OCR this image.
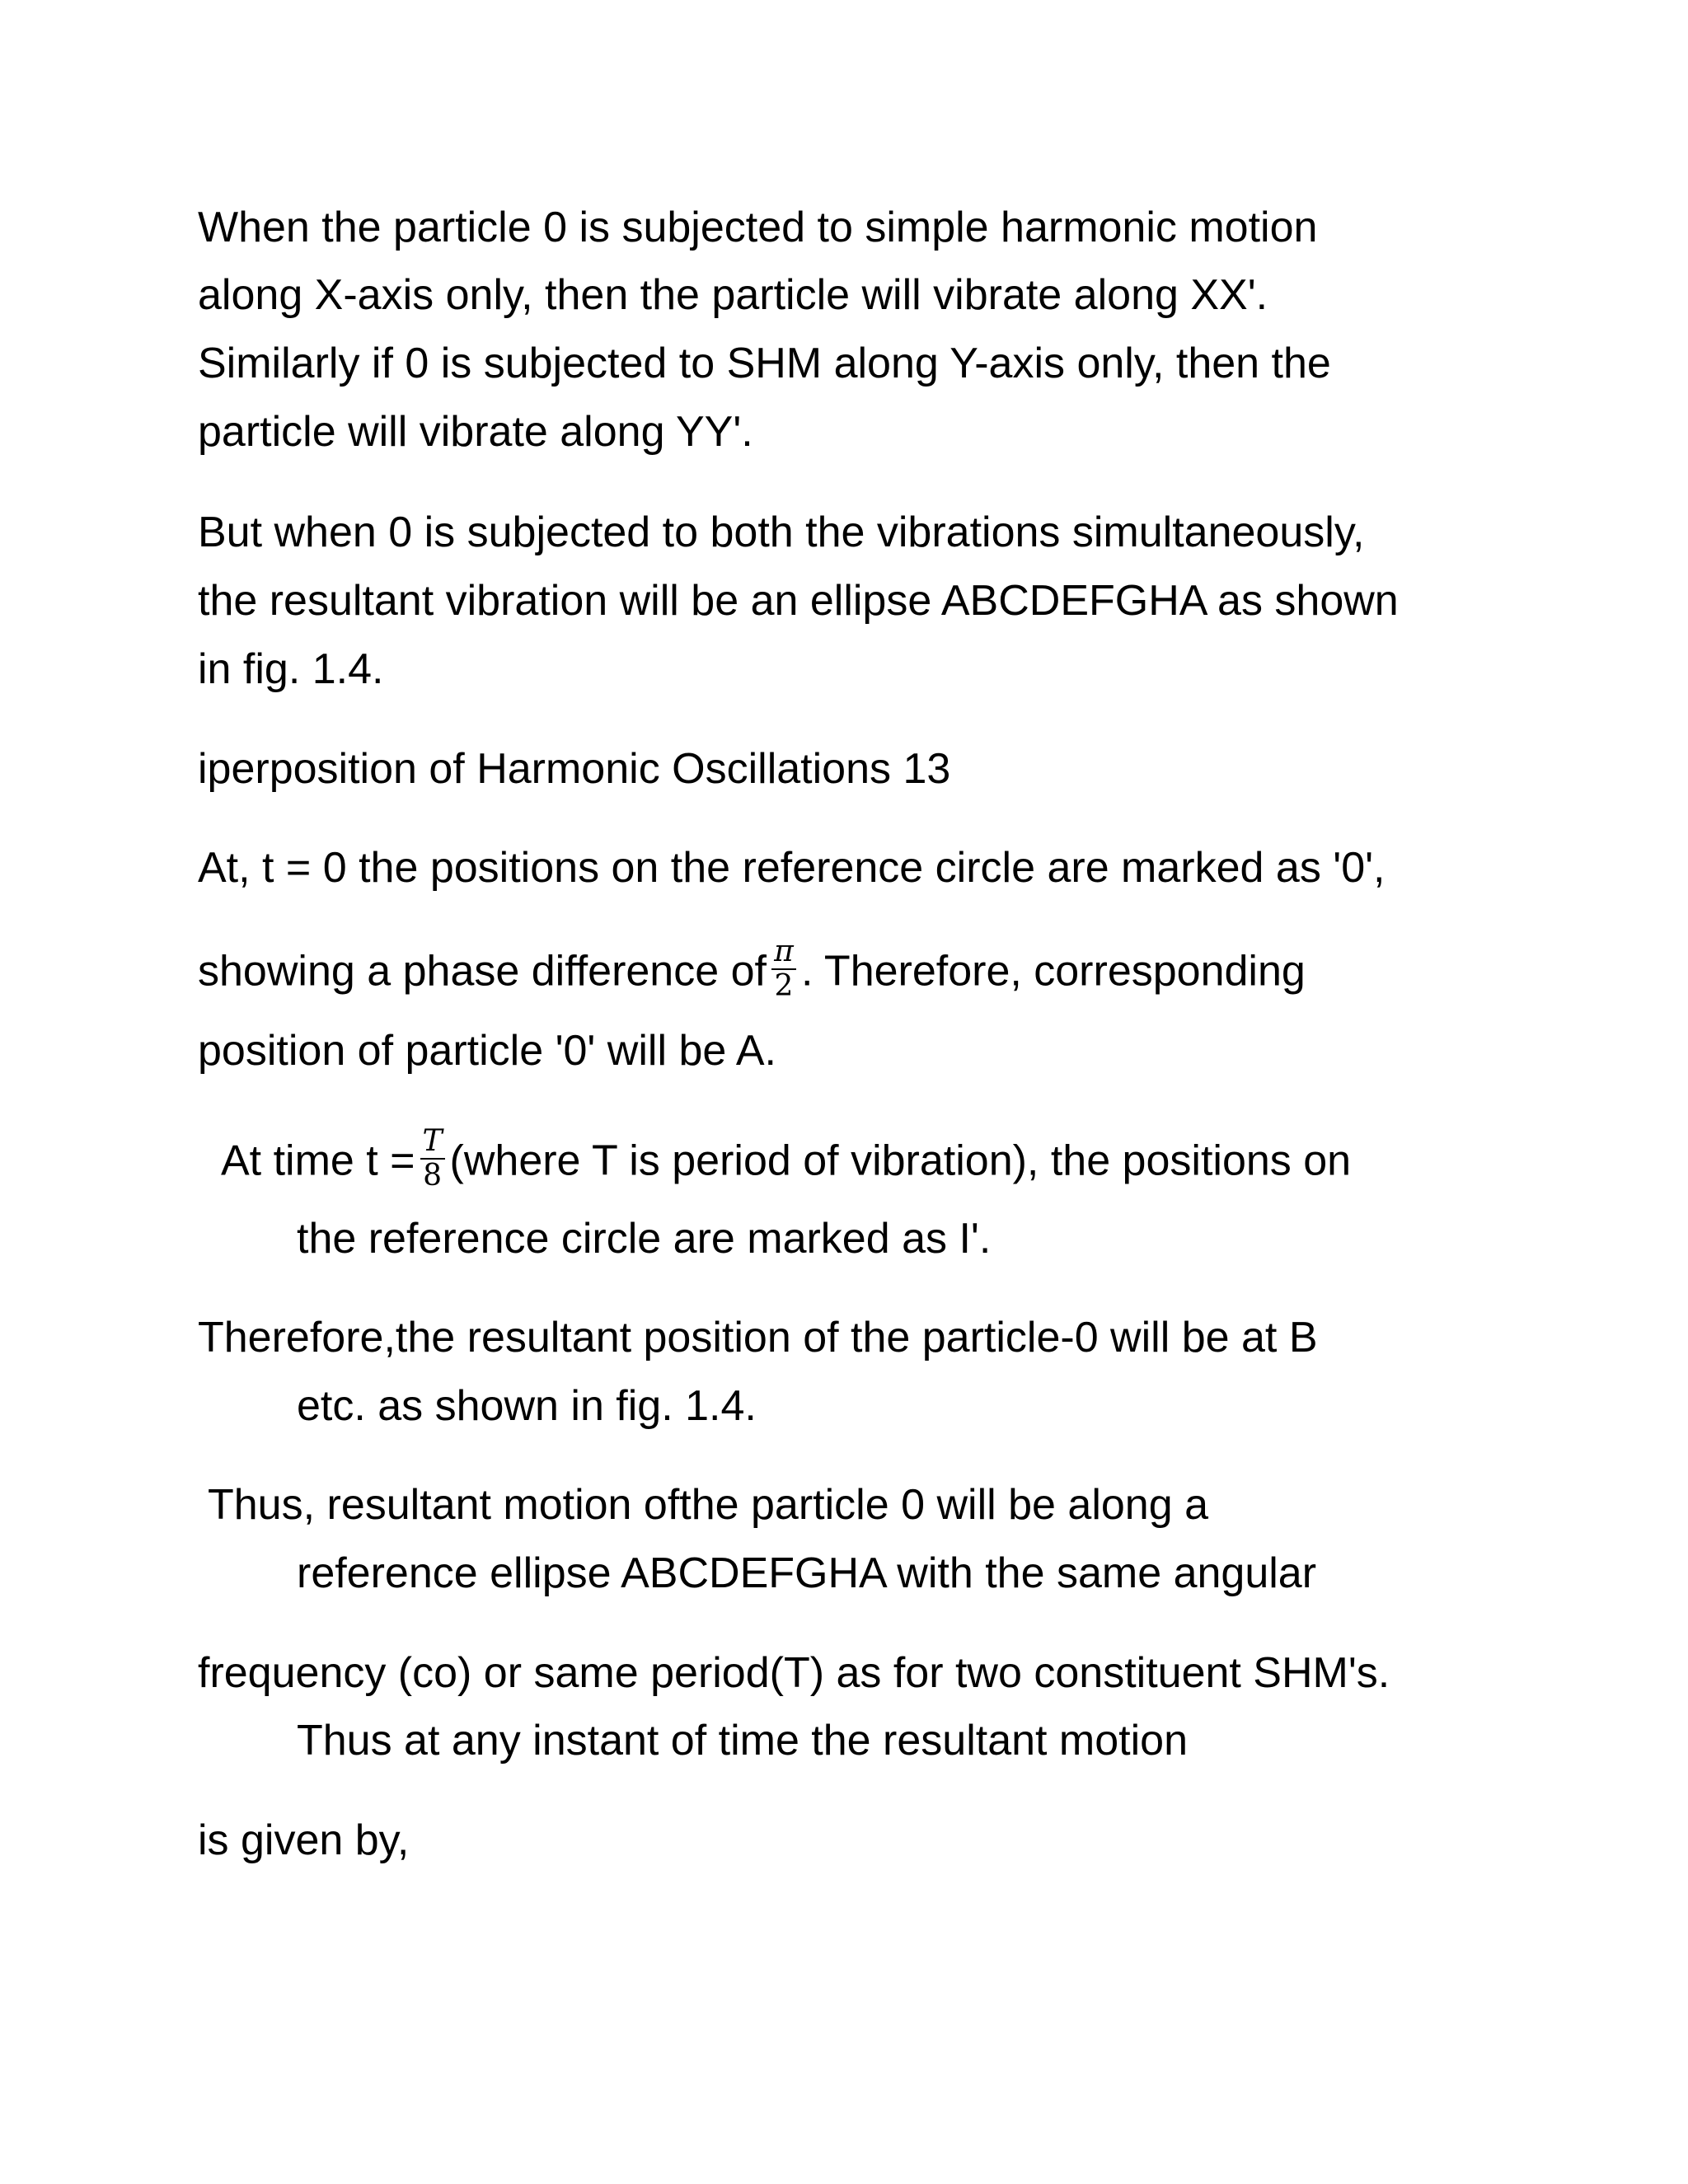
When the particle 0 is subjected to simple harmonic motion
along X-axis only, then the particle will vibrate along XX'.
Similarly if 0 is subjected to SHM along Y-axis only, then the
particle will vibrate along YY'.
But when 0 is subjected to both the vibrations simultaneously,
the resultant vibration will be an ellipse ABCDEFGHA as shown
in fig. 1.4.
iperposition of Harmonic Oscillations 13
At, t = 0 the positions on the reference circle are marked as '0',
showing a phase difference of $\frac{\pi}{2}$ . Therefore, corresponding
position of particle '0' will be A.
At time $t = \frac{T}{8}$ (where T is period of vibration), the positions on
the reference circle are marked as I'.
Therefore,the resultant position of the particle-0 will be at B
etc. as shown in fig. 1.4.
Thus, resultant motion ofthe particle 0 will be along a
reference ellipse ABCDEFGHA with the same angular
frequency (co) or same period(T) as for two constituent SHM's.
Thus at any instant of time the resultant motion
is given by,
